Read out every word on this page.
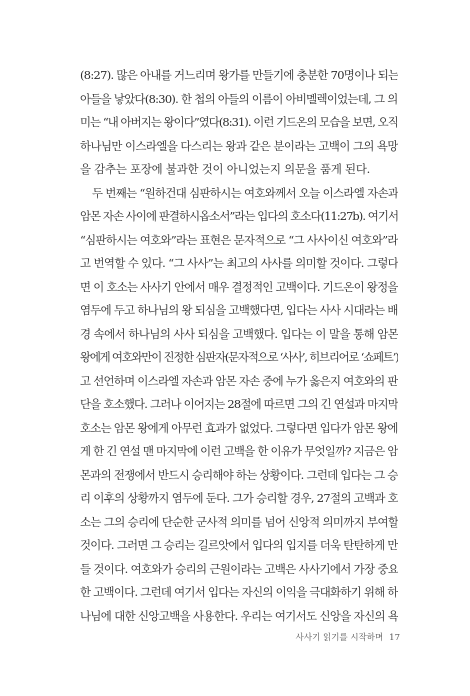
(8:27). 많은 아내를 거느리며 왕가를 만들기에 충분한 70명이나 되는
아들을 낳았다(8:30). 한 첩의 아들의 이름이 아비멜렉이었는데, 그 의
미는 “내 아버지는 왕이다”였다(8:31). 이런 기드온의 모습을 보면, 오직
하나님만 이스라엘을 다스리는 왕과 같은 분이라는 고백이 그의 욕망
을 감추는 포장에 불과한 것이 아니었는지 의문을 품게 된다.
두 번째는 “원하건대 심판하시는 여호와께서 오늘 이스라엘 자손과
암몬 자손 사이에 판결하시옵소서”라는 입다의 호소다(11:27b). 여기서
“심판하시는 여호와”라는 표현은 문자적으로 “그 사사이신 여호와”라
고 번역할 수 있다. “그 사사”는 최고의 사사를 의미할 것이다. 그렇다
면 이 호소는 사사기 안에서 매우 결정적인 고백이다. 기드온이 왕정을
염두에 두고 하나님의 왕 되심을 고백했다면, 입다는 사사 시대라는 배
경 속에서 하나님의 사사 되심을 고백했다. 입다는 이 말을 통해 암몬
왕에게 여호와만이 진정한 심판자(문자적으로 ‘사사’, 히브리어로 ‘쇼페트’)
고 선언하며 이스라엘 자손과 암몬 자손 중에 누가 옳은지 여호와의 판
단을 호소했다. 그러나 이어지는 28절에 따르면 그의 긴 연설과 마지막
호소는 암몬 왕에게 아무런 효과가 없었다. 그렇다면 입다가 암몬 왕에
게 한 긴 연설 맨 마지막에 이런 고백을 한 이유가 무엇일까? 지금은 암
몬과의 전쟁에서 반드시 승리해야 하는 상황이다. 그런데 입다는 그 승
리 이후의 상황까지 염두에 둔다. 그가 승리할 경우, 27절의 고백과 호
소는 그의 승리에 단순한 군사적 의미를 넘어 신앙적 의미까지 부여할
것이다. 그러면 그 승리는 길르앗에서 입다의 입지를 더욱 탄탄하게 만
들 것이다. 여호와가 승리의 근원이라는 고백은 사사기에서 가장 중요
한 고백이다. 그런데 여기서 입다는 자신의 이익을 극대화하기 위해 하
나님에 대한 신앙고백을 사용한다. 우리는 여기서도 신앙을 자신의 욕
사사기 읽기를 시작하며 17
